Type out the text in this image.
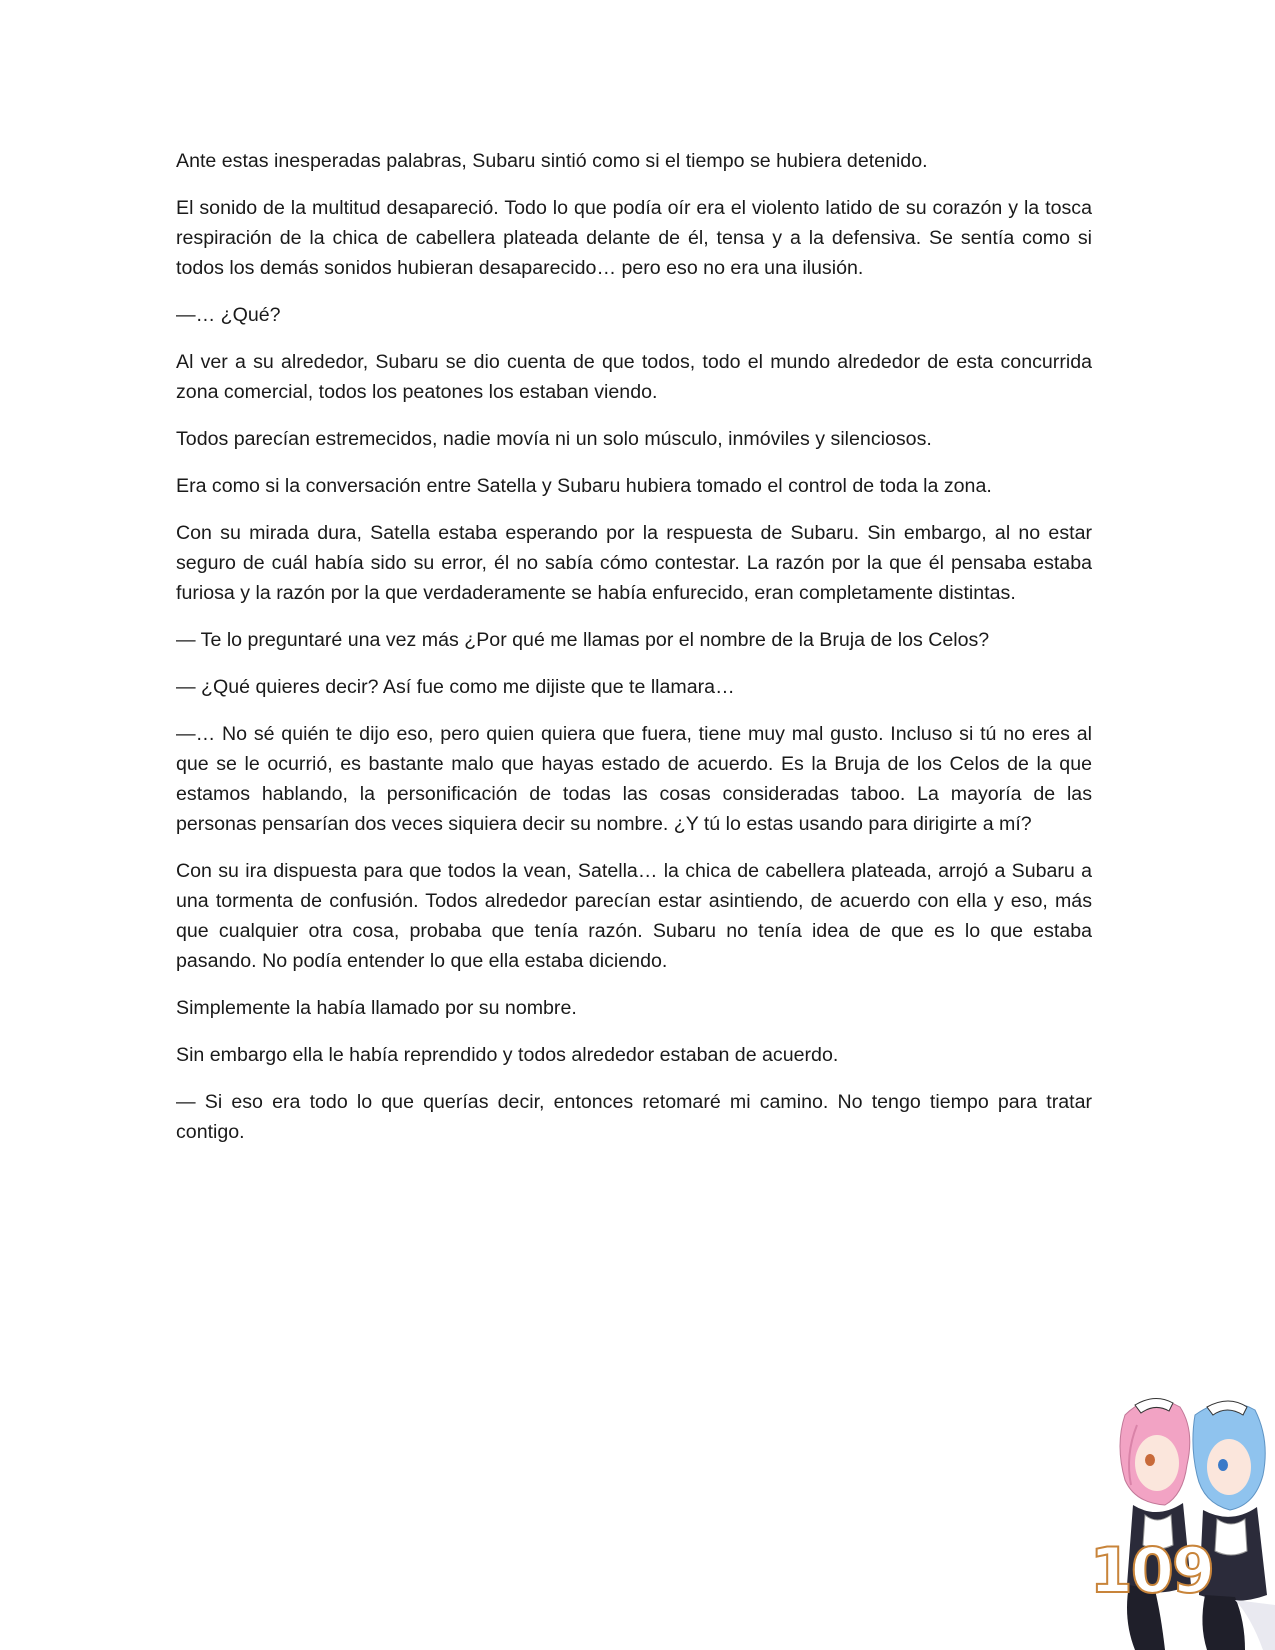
Ante estas inesperadas palabras, Subaru sintió como si el tiempo se hubiera detenido.

El sonido de la multitud desapareció. Todo lo que podía oír era el violento latido de su corazón y la tosca respiración de la chica de cabellera plateada delante de él, tensa y a la defensiva. Se sentía como si todos los demás sonidos hubieran desaparecido… pero eso no era una ilusión.

—… ¿Qué?

Al ver a su alrededor, Subaru se dio cuenta de que todos, todo el mundo alrededor de esta concurrida zona comercial, todos los peatones los estaban viendo.

Todos parecían estremecidos, nadie movía ni un solo músculo, inmóviles y silenciosos.

Era como si la conversación entre Satella y Subaru hubiera tomado el control de toda la zona.

Con su mirada dura, Satella estaba esperando por la respuesta de Subaru. Sin embargo, al no estar seguro de cuál había sido su error, él no sabía cómo contestar. La razón por la que él pensaba estaba furiosa y la razón por la que verdaderamente se había enfurecido, eran completamente distintas.

— Te lo preguntaré una vez más ¿Por qué me llamas por el nombre de la Bruja de los Celos?

— ¿Qué quieres decir? Así fue como me dijiste que te llamara…

—… No sé quién te dijo eso, pero quien quiera que fuera, tiene muy mal gusto. Incluso si tú no eres al que se le ocurrió, es bastante malo que hayas estado de acuerdo. Es la Bruja de los Celos de la que estamos hablando, la personificación de todas las cosas consideradas taboo. La mayoría de las personas pensarían dos veces siquiera decir su nombre. ¿Y tú lo estas usando para dirigirte a mí?

Con su ira dispuesta para que todos la vean, Satella… la chica de cabellera plateada, arrojó a Subaru a una tormenta de confusión. Todos alrededor parecían estar asintiendo, de acuerdo con ella y eso, más que cualquier otra cosa, probaba que tenía razón. Subaru no tenía idea de que es lo que estaba pasando. No podía entender lo que ella estaba diciendo.

Simplemente la había llamado por su nombre.

Sin embargo ella le había reprendido y todos alrededor estaban de acuerdo.

— Si eso era todo lo que querías decir, entonces retomaré mi camino. No tengo tiempo para tratar contigo.

109
